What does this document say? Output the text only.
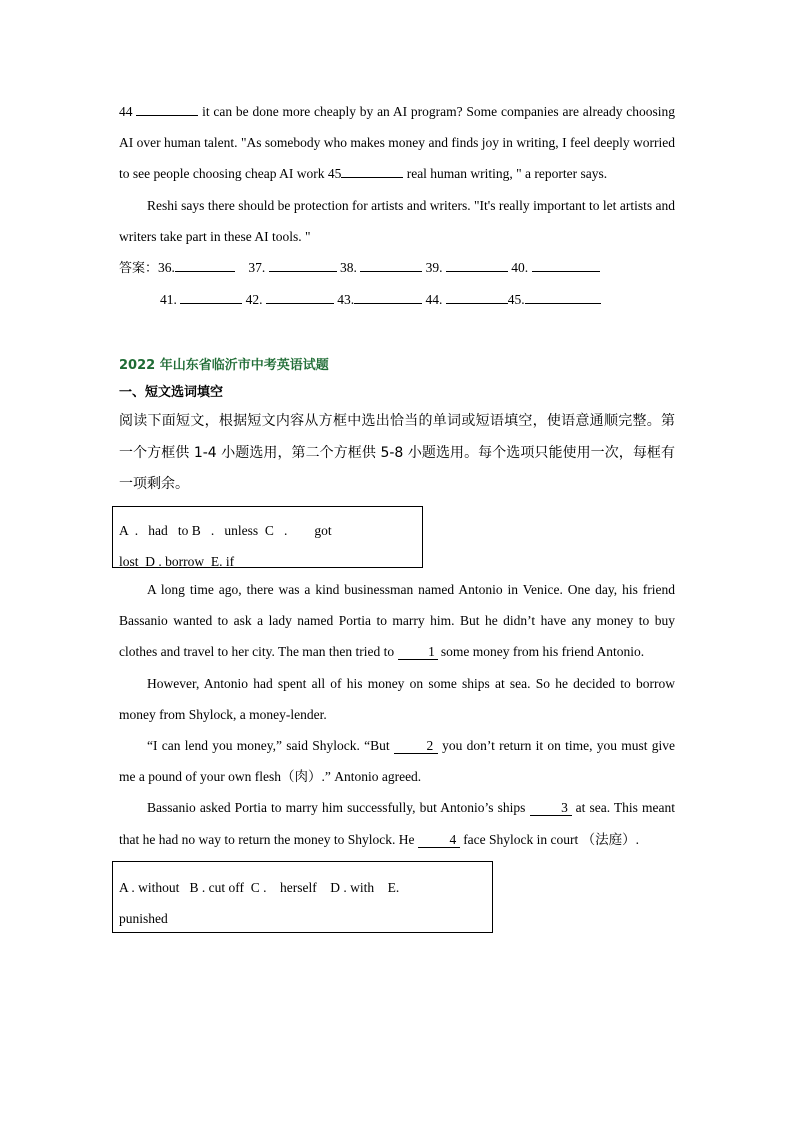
44	it can be done more cheaply by an AI program? Some companies are already choosing AI over human talent. "As somebody who makes money and finds joy in writing, I feel deeply worried to see people choosing cheap AI work 45	real human writing, " a reporter says.

Reshi says there should be protection for artists and writers. "It's really important to let artists and writers take part in these AI tools. "

答案：36.	37.	38.	39.	40.

41.	42.	43.	44.	45.

2022 年山东省临沂市中考英语试题

一、短文选词填空

阅读下面短文，根据短文内容从方框中选出恰当的单词或短语填空，使语意通顺完整。第一个方框供 1-4 小题选用，第二个方框供 5-8 小题选用。每个选项只能使用一次，每框有一项剩余。

A  .   had   to B   .   unless  C   .        got
lost  D . borrow  E. if

A long time ago, there was a kind businessman named Antonio in Venice. One day, his friend Bassanio wanted to ask a lady named Portia to marry him. But he didn’t have any money to buy clothes and travel to her city. The man then tried to	1 some money from his friend Antonio.

However, Antonio had spent all of his money on some ships at sea. So he decided to borrow money from Shylock, a money-lender.

“I can lend you money,” said Shylock. “But	2 you don’t return it on time, you must give me a pound of your own flesh（肉）.” Antonio agreed.

Bassanio asked Portia to marry him successfully, but Antonio’s ships	3 at sea. This meant that he had no way to return the money to Shylock. He	4 face Shylock in court （法庭）.

A . without   B . cut off  C .    herself    D . with    E.
punished
